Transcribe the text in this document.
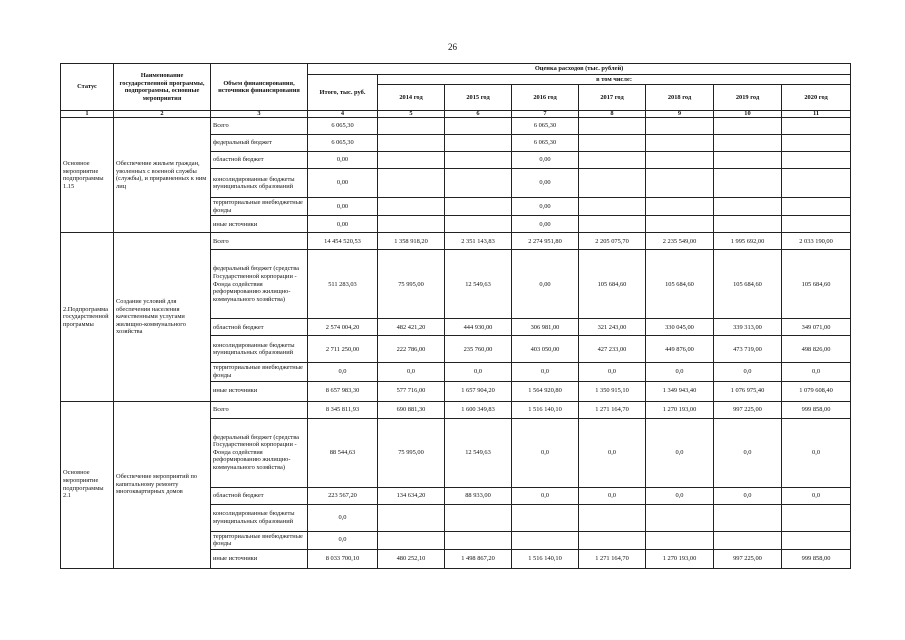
26
Статус	Наименование государственной программы, подпрограммы, основные мероприятия	Объем финансирования, источники финансирования	Оценка расходов (тыс. рублей)							
			Итого, тыс. руб.	в том числе:						
				2014 год	2015 год	2016 год	2017 год	2018 год	2019 год	2020 год
1	2	3	4	5	6	7	8	9	10	11
Основное мероприятие подпрограммы 1.15	Обеспечение жильем граждан, уволенных с военной службы (службы), и приравненных к ним лиц	Всего	6 065,30			6 065,30				
		федеральный бюджет	6 065,30			6 065,30				
		областной бюджет	0,00			0,00				
		консолидированные бюджеты муниципальных образований	0,00			0,00				
		территориальные внебюджетные фонды	0,00			0,00				
		иные источники	0,00			0,00				
2.Подпрограмма государственной программы	Создание условий для обеспечения населения качественными услугами жилищно-коммунального хозяйства	Всего	14 454 520,53	1 358 918,20	2 351 143,83	2 274 951,80	2 205 075,70	2 235 549,00	1 995 692,00	2 033 190,00
		федеральный бюджет (средства Государственной корпорации - Фонда содействия реформированию жилищно-коммунального хозяйства)	511 283,03	75 995,00	12 549,63	0,00	105 684,60	105 684,60	105 684,60	105 684,60
		областной бюджет	2 574 004,20	482 421,20	444 930,00	306 981,00	321 243,00	330 045,00	339 313,00	349 071,00
		консолидированные бюджеты муниципальных образований	2 711 250,00	222 786,00	235 760,00	403 050,00	427 233,00	449 876,00	473 719,00	498 826,00
		территориальные внебюджетные фонды	0,0	0,0	0,0	0,0	0,0	0,0	0,0	0,0
		иные источники	8 657 983,30	577 716,00	1 657 904,20	1 564 920,80	1 350 915,10	1 349 943,40	1 076 975,40	1 079 608,40
Основное мероприятие подпрограммы 2.1	Обеспечение мероприятий по капитальному ремонту многоквартирных домов	Всего	8 345 811,93	690 881,30	1 600 349,83	1 516 140,10	1 271 164,70	1 270 193,00	997 225,00	999 858,00
		федеральный бюджет (средства Государственной корпорации - Фонда содействия реформированию жилищно-коммунального хозяйства)	88 544,63	75 995,00	12 549,63	0,0	0,0	0,0	0,0	0,0
		областной бюджет	223 567,20	134 634,20	88 933,00	0,0	0,0	0,0	0,0	0,0
		консолидированные бюджеты муниципальных образований	0,0							
		территориальные внебюджетные фонды	0,0							
		иные источники	8 033 700,10	480 252,10	1 498 867,20	1 516 140,10	1 271 164,70	1 270 193,00	997 225,00	999 858,00
